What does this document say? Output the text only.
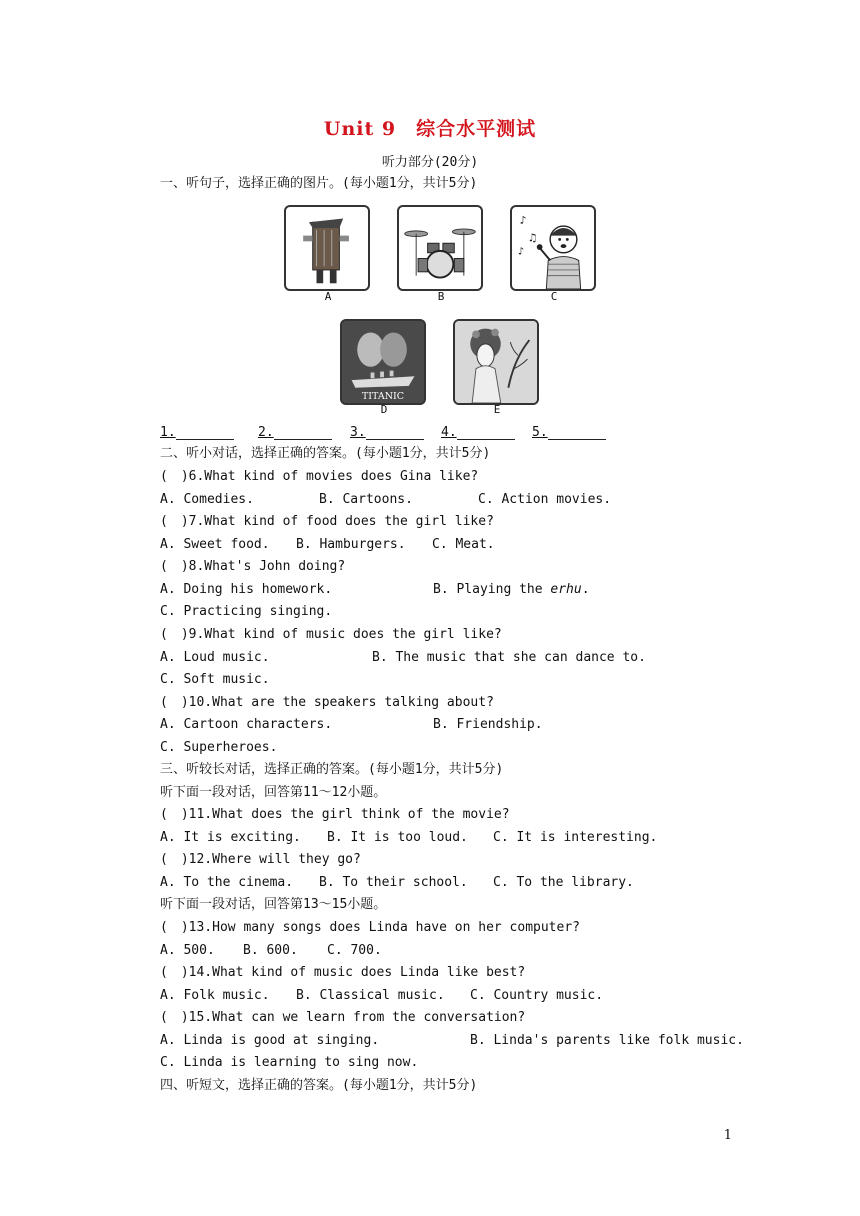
Unit 9　综合水平测试
听力部分(20分)
一、听句子，选择正确的图片。(每小题1分，共计5分)
A	B
♪
♫
♪
C
TITANIC
D	E
1.	2.	3.	4.	5.
二、听小对话，选择正确的答案。(每小题1分，共计5分)
(　)6.What kind of movies does Gina like?
A. Comedies.	B. Cartoons.	C. Action movies.
(　)7.What kind of food does the girl like?
A. Sweet food. B. Hamburgers. C. Meat.
(　)8.What's John doing?
A. Doing his homework.	B. Playing the erhu.
C. Practicing singing.
(　)9.What kind of music does the girl like?
A. Loud music.	B. The music that she can dance to.
C. Soft music.
(　)10.What are the speakers talking about?
A. Cartoon characters.	B. Friendship.
C. Superheroes.
三、听较长对话，选择正确的答案。(每小题1分，共计5分)
听下面一段对话，回答第11～12小题。
(　)11.What does the girl think of the movie?
A. It is exciting. B. It is too loud. C. It is interesting.
(　)12.Where will they go?
A. To the cinema. B. To their school. C. To the library.
听下面一段对话，回答第13～15小题。
(　)13.How many songs does Linda have on her computer?
A. 500. B. 600. C. 700.
(　)14.What kind of music does Linda like best?
A. Folk music. B. Classical music. C. Country music.
(　)15.What can we learn from the conversation?
A. Linda is good at singing.	B. Linda's parents like folk music.
C. Linda is learning to sing now.
四、听短文，选择正确的答案。(每小题1分，共计5分)
1
